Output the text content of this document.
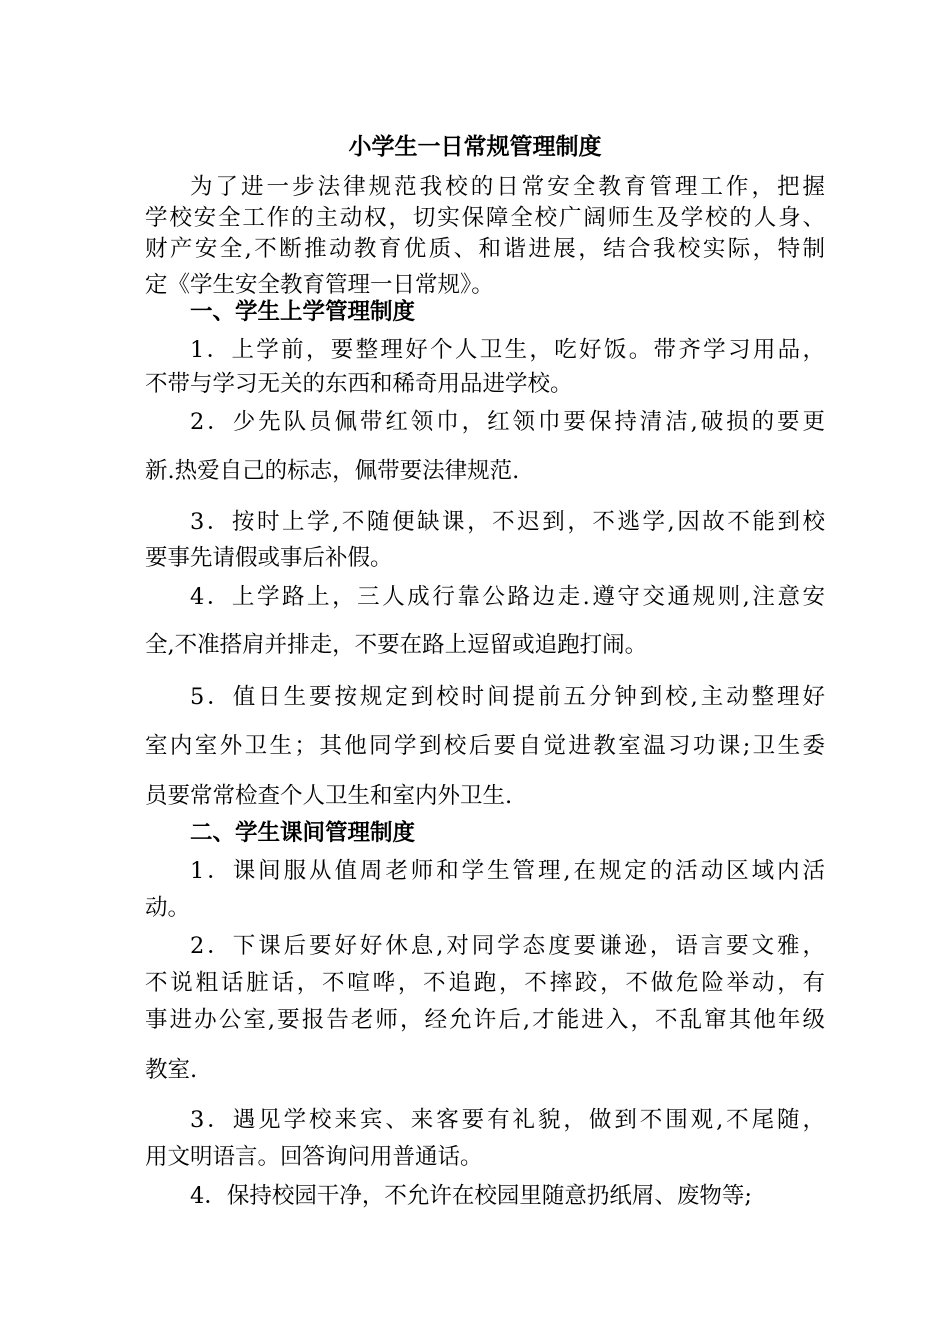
小学生一日常规管理制度
为了进一步法律规范我校的日常安全教育管理工作，把握
学校安全工作的主动权，切实保障全校广阔师生及学校的人身、
财产安全,不断推动教育优质、和谐进展，结合我校实际，特制
定《学生安全教育管理一日常规》。
一、学生上学管理制度
1．上学前，要整理好个人卫生，吃好饭。带齐学习用品，
不带与学习无关的东西和稀奇用品进学校。
2．少先队员佩带红领巾，红领巾要保持清洁,破损的要更
新.热爱自己的标志，佩带要法律规范.
3．按时上学,不随便缺课，不迟到，不逃学,因故不能到校
要事先请假或事后补假。
4．上学路上，三人成行靠公路边走.遵守交通规则,注意安
全,不准搭肩并排走，不要在路上逗留或追跑打闹。
5．值日生要按规定到校时间提前五分钟到校,主动整理好
室内室外卫生；其他同学到校后要自觉进教室温习功课;卫生委
员要常常检查个人卫生和室内外卫生.
二、学生课间管理制度
1．课间服从值周老师和学生管理,在规定的活动区域内活
动。
2．下课后要好好休息,对同学态度要谦逊，语言要文雅，
不说粗话脏话，不喧哗，不追跑，不摔跤，不做危险举动，有
事进办公室,要报告老师，经允许后,才能进入，不乱窜其他年级
教室.
3．遇见学校来宾、来客要有礼貌，做到不围观,不尾随，
用文明语言。回答询问用普通话。
4．保持校园干净，不允许在校园里随意扔纸屑、废物等;
